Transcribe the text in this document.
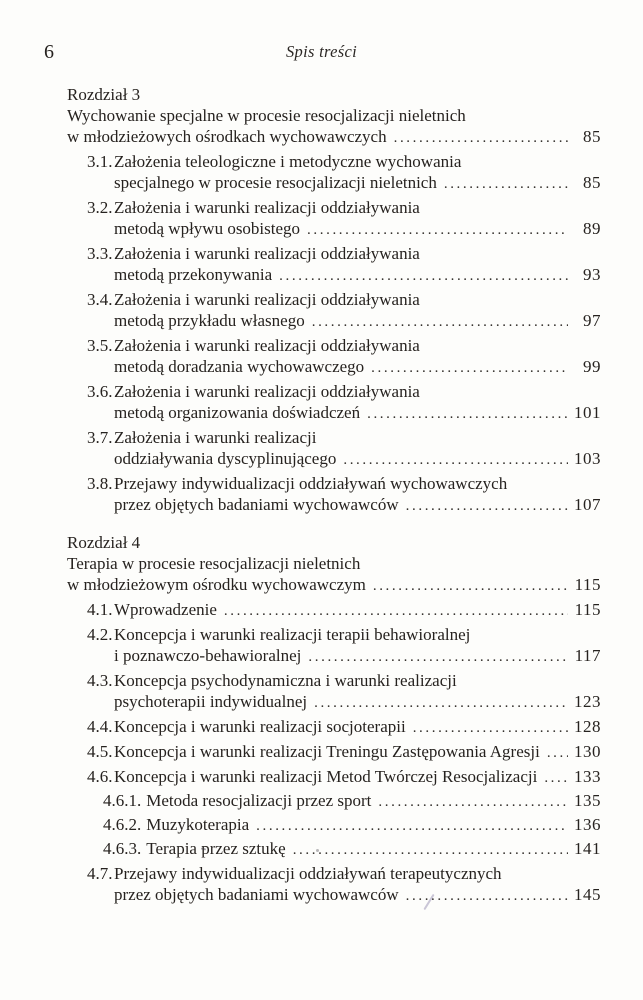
6	Spis treści
Rozdział 3
Wychowanie specjalne w procesie resocjalizacji nieletnich
w młodzieżowych ośrodkach wychowawczych .....	85
3.1. Założenia teleologiczne i metodyczne wychowania
specjalnego w procesie resocjalizacji nieletnich .....	85
3.2. Założenia i warunki realizacji oddziaływania
metodą wpływu osobistego .....	89
3.3. Założenia i warunki realizacji oddziaływania
metodą przekonywania .....	93
3.4. Założenia i warunki realizacji oddziaływania
metodą przykładu własnego .....	97
3.5. Założenia i warunki realizacji oddziaływania
metodą doradzania wychowawczego .....	99
3.6. Założenia i warunki realizacji oddziaływania
metodą organizowania doświadczeń .....	101
3.7. Założenia i warunki realizacji
oddziaływania dyscyplinującego .....	103
3.8. Przejawy indywidualizacji oddziaływań wychowawczych
przez objętych badaniami wychowawców .....	107
Rozdział 4
Terapia w procesie resocjalizacji nieletnich
w młodzieżowym ośrodku wychowawczym .....	115
4.1. Wprowadzenie .....	115
4.2. Koncepcja i warunki realizacji terapii behawioralnej
i poznawczo-behawioralnej .....	117
4.3. Koncepcja psychodynamiczna i warunki realizacji
psychoterapii indywidualnej .....	123
4.4. Koncepcja i warunki realizacji socjoterapii .....	128
4.5. Koncepcja i warunki realizacji Treningu Zastępowania Agresji ..... 130
4.6. Koncepcja i warunki realizacji Metod Twórczej Resocjalizacji ..... 133
4.6.1. Metoda resocjalizacji przez sport .....	135
4.6.2. Muzykoterapia .....	136
4.6.3. Terapia przez sztukę .....	141
4.7. Przejawy indywidualizacji oddziaływań terapeutycznych
przez objętych badaniami wychowawców .....	145
